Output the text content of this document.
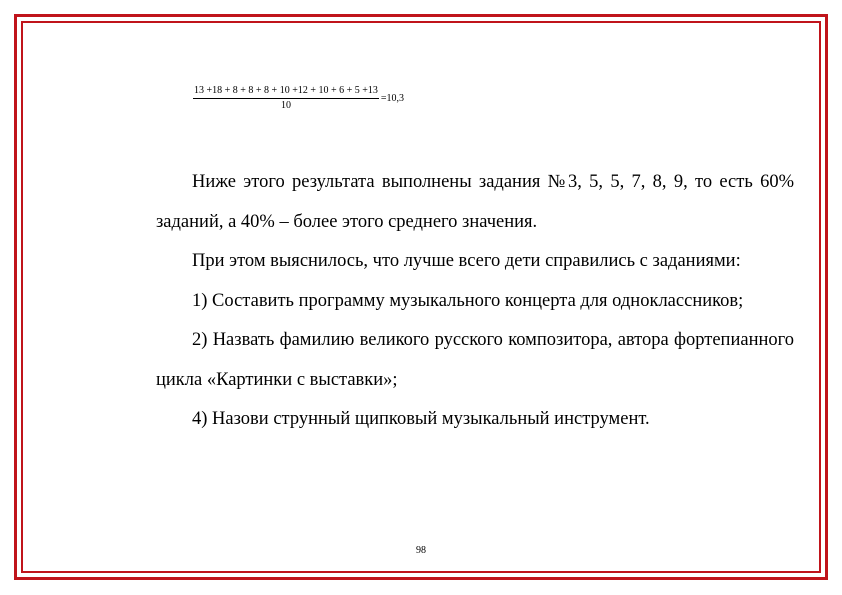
$\frac{13 +18 + 8 + 8 + 8 + 10 +12 + 10 + 6 + 5 +13}{10} =10,3$

Ниже этого результата выполнены задания №3, 5, 5, 7, 8, 9, то есть 60% заданий, а 40% – более этого среднего значения.

При этом выяснилось, что лучше всего дети справились с заданиями:

1) Составить программу музыкального концерта для одноклассников;

2) Назвать фамилию великого русского композитора, автора фортепианного цикла «Картинки с выставки»;

4) Назови струнный щипковый музыкальный инструмент.

98
